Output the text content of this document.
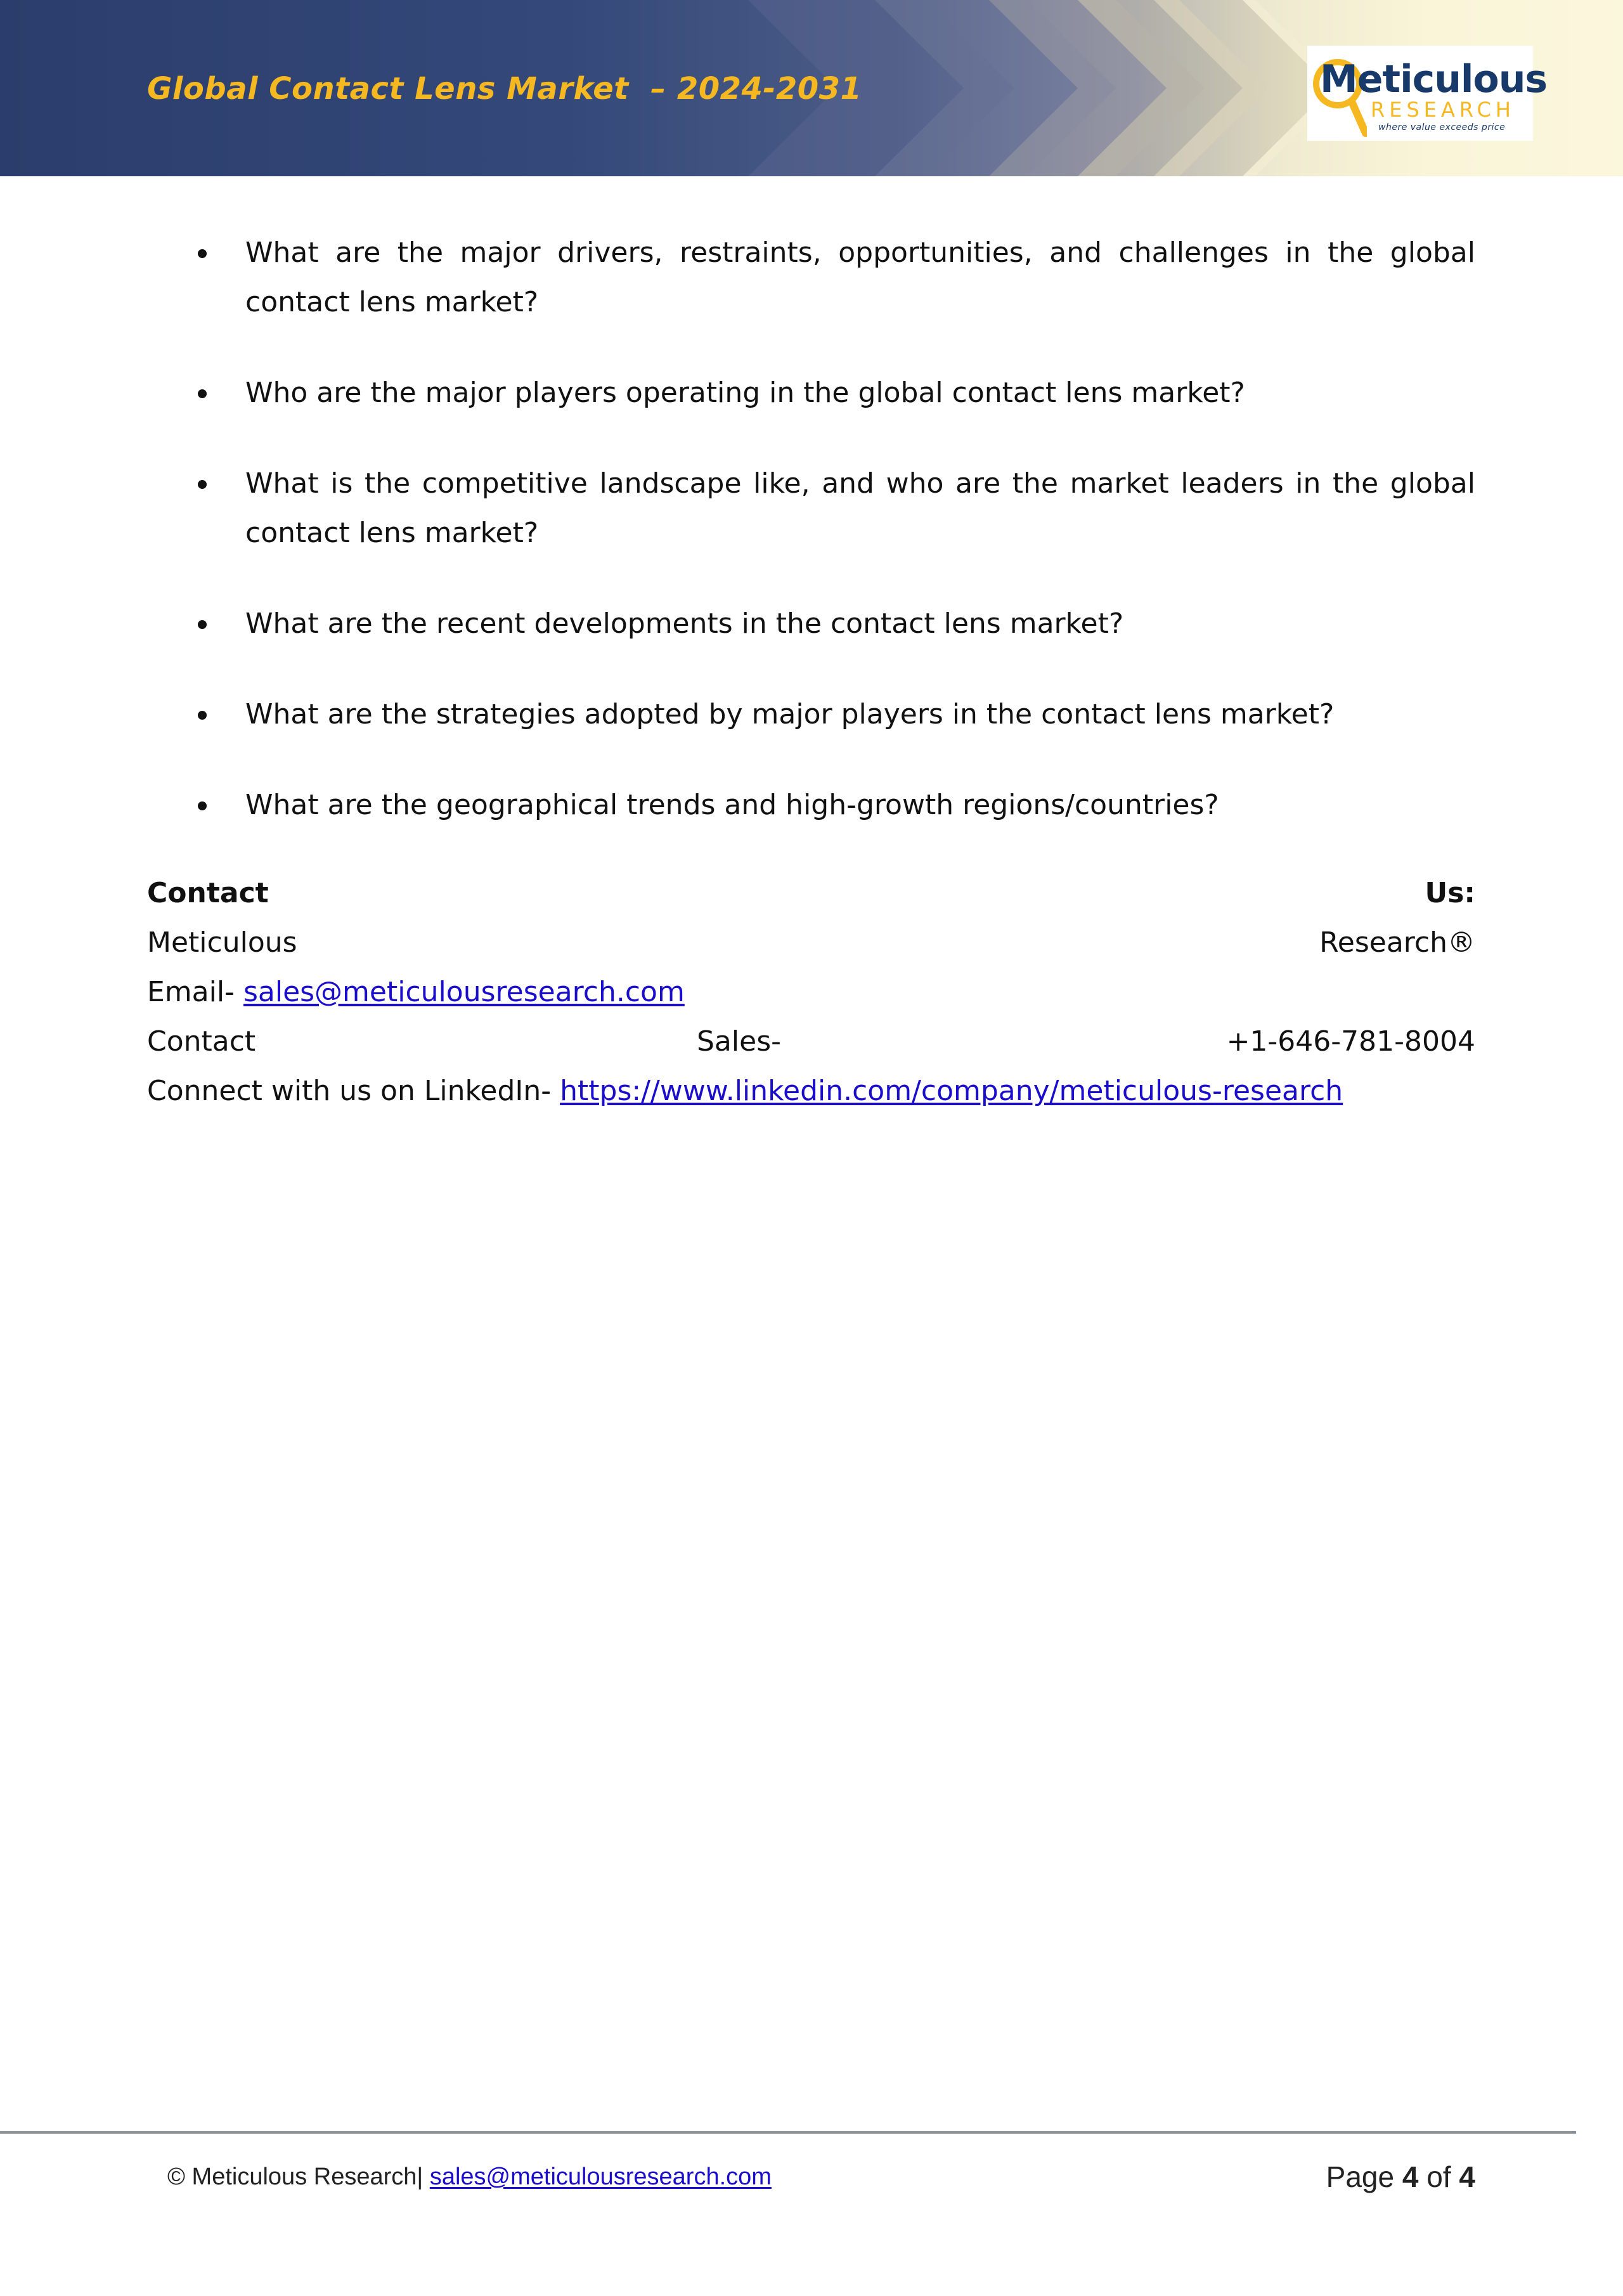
Global Contact Lens Market  – 2024-2031	Meticulous
RESEARCH
where value exceeds price
What are the major drivers, restraints, opportunities, and challenges in the global contact lens market?
Who are the major players operating in the global contact lens market?
What is the competitive landscape like, and who are the market leaders in the global contact lens market?
What are the recent developments in the contact lens market?
What are the strategies adopted by major players in the contact lens market?
What are the geographical trends and high-growth regions/countries?
Contact	Us:
Meticulous	Research®
Email- sales@meticulousresearch.com
Contact	Sales-	+1-646-781-8004
Connect with us on LinkedIn- https://www.linkedin.com/company/meticulous-research
© Meticulous Research| sales@meticulousresearch.com	Page 4 of 4
